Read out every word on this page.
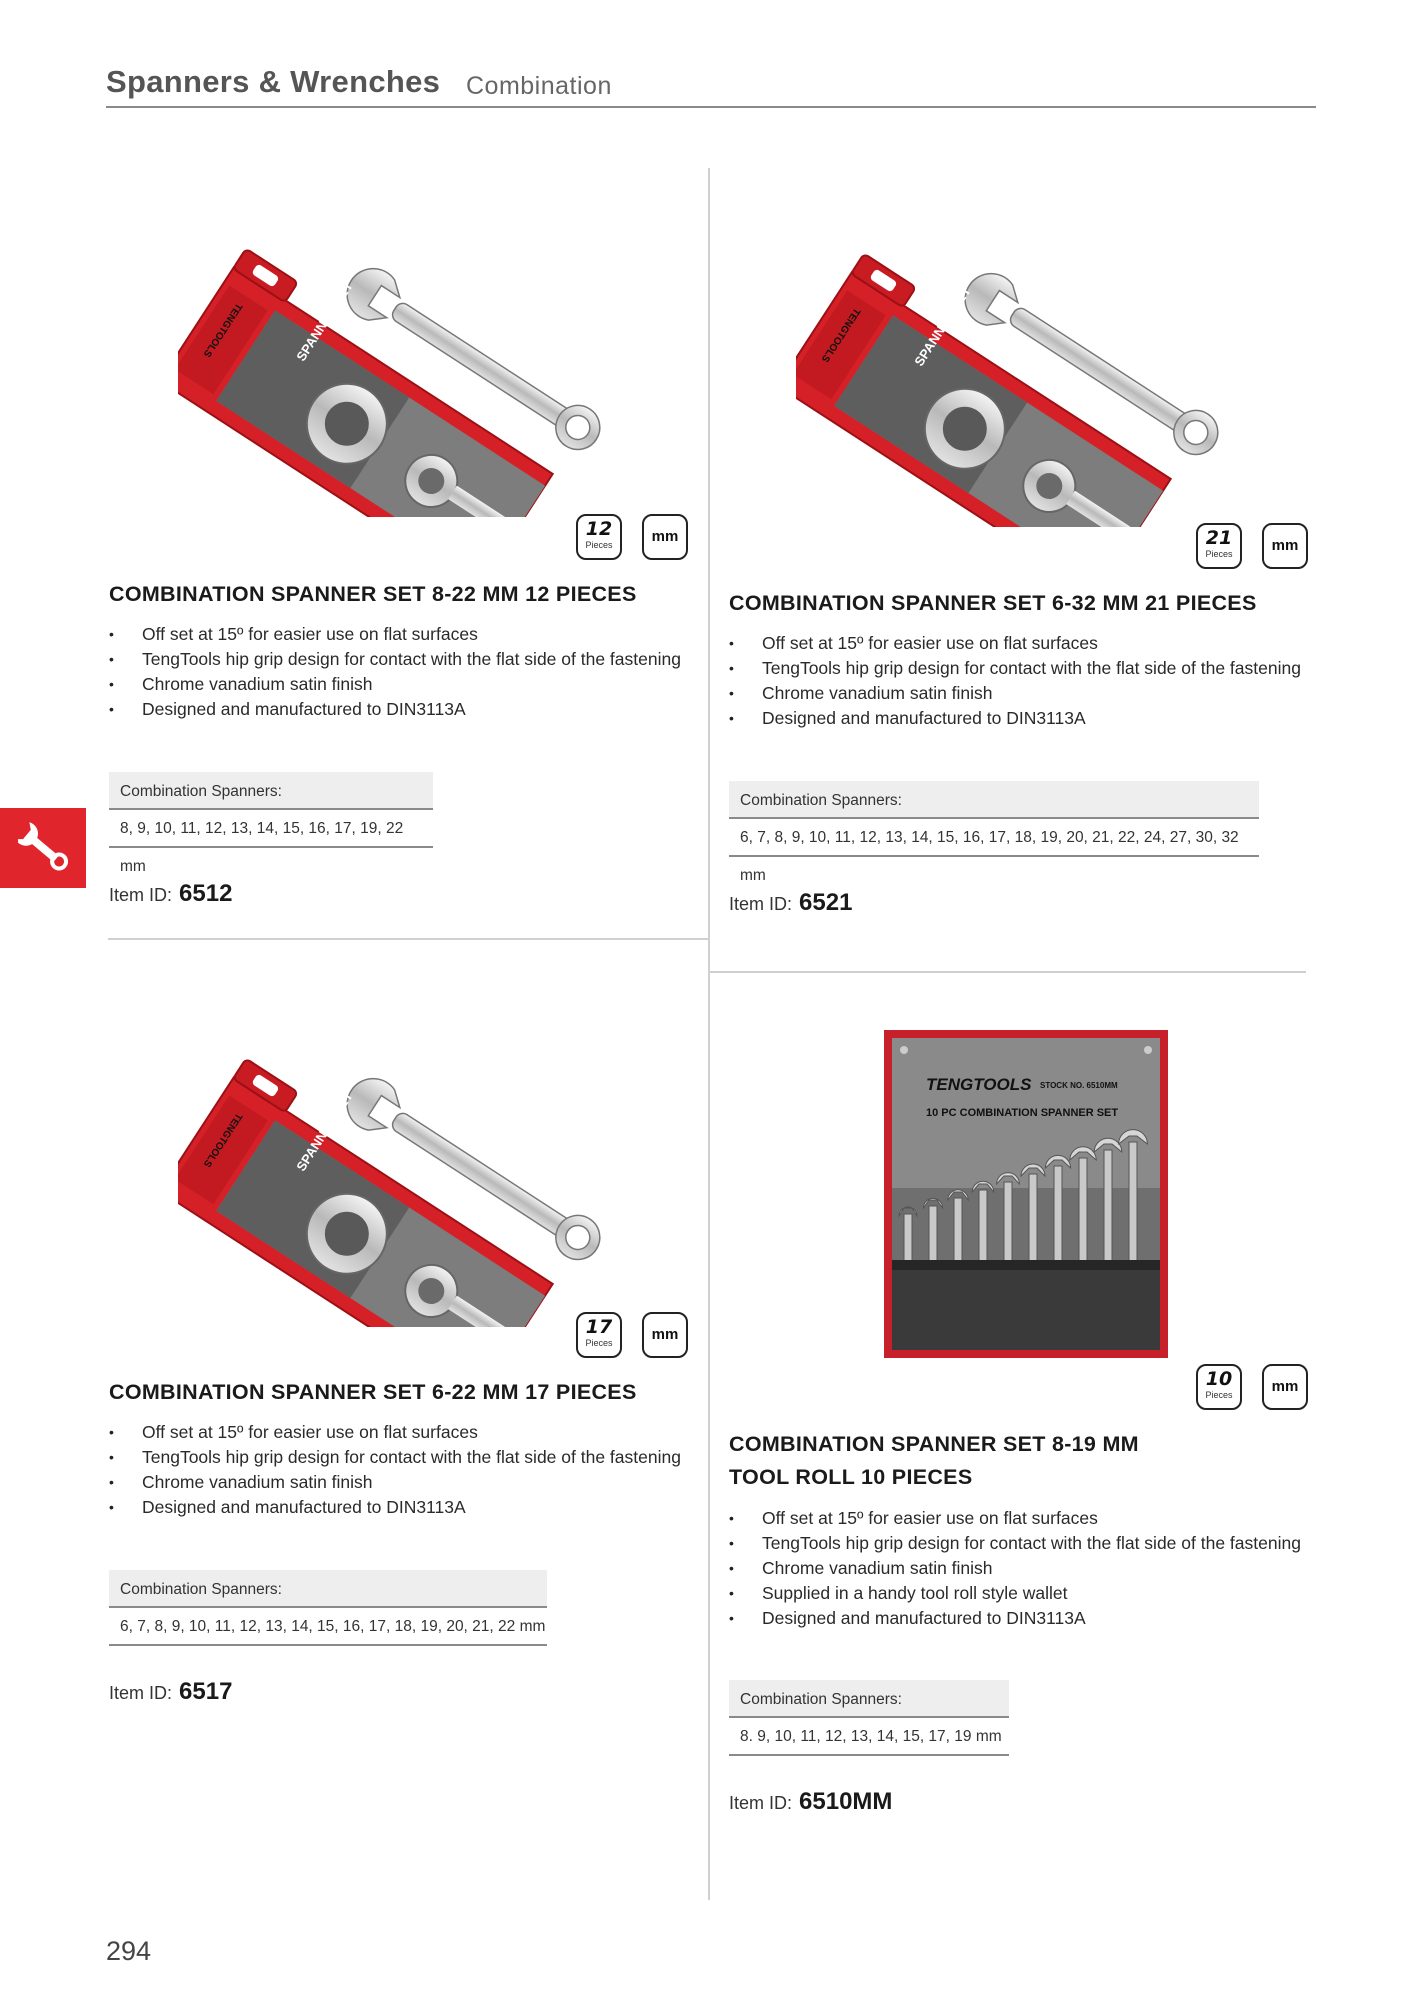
Spanners & Wrenches Combination
12
Pieces	mm
COMBINATION SPANNER SET 8-22 MM 12 PIECES
• Off set at 15º for easier use on flat surfaces
• TengTools hip grip design for contact with the flat side of the fastening
• Chrome vanadium satin finish
• Designed and manufactured to DIN3113A
Combination Spanners:
8, 9, 10, 11, 12, 13, 14, 15, 16, 17, 19, 22 mm
Item ID: 6512
21
Pieces	mm
COMBINATION SPANNER SET 6-32 MM 21 PIECES
• Off set at 15º for easier use on flat surfaces
• TengTools hip grip design for contact with the flat side of the fastening
• Chrome vanadium satin finish
• Designed and manufactured to DIN3113A
Combination Spanners:
6, 7, 8, 9, 10, 11, 12, 13, 14, 15, 16, 17, 18, 19, 20, 21, 22, 24, 27, 30, 32 mm
Item ID: 6521
17
Pieces	mm
COMBINATION SPANNER SET 6-22 MM 17 PIECES
• Off set at 15º for easier use on flat surfaces
• TengTools hip grip design for contact with the flat side of the fastening
• Chrome vanadium satin finish
• Designed and manufactured to DIN3113A
Combination Spanners:
6, 7, 8, 9, 10, 11, 12, 13, 14, 15, 16, 17, 18, 19, 20, 21, 22 mm
Item ID: 6517
TENGTOOLS STOCK NO. 6510MM
10 PC COMBINATION SPANNER SET
10
Pieces	mm
COMBINATION SPANNER SET 8-19 MM
TOOL ROLL 10 PIECES
• Off set at 15º for easier use on flat surfaces
• TengTools hip grip design for contact with the flat side of the fastening
• Chrome vanadium satin finish
• Supplied in a handy tool roll style wallet
• Designed and manufactured to DIN3113A
Combination Spanners:
8. 9, 10, 11, 12, 13, 14, 15, 17, 19 mm
Item ID: 6510MM
294
